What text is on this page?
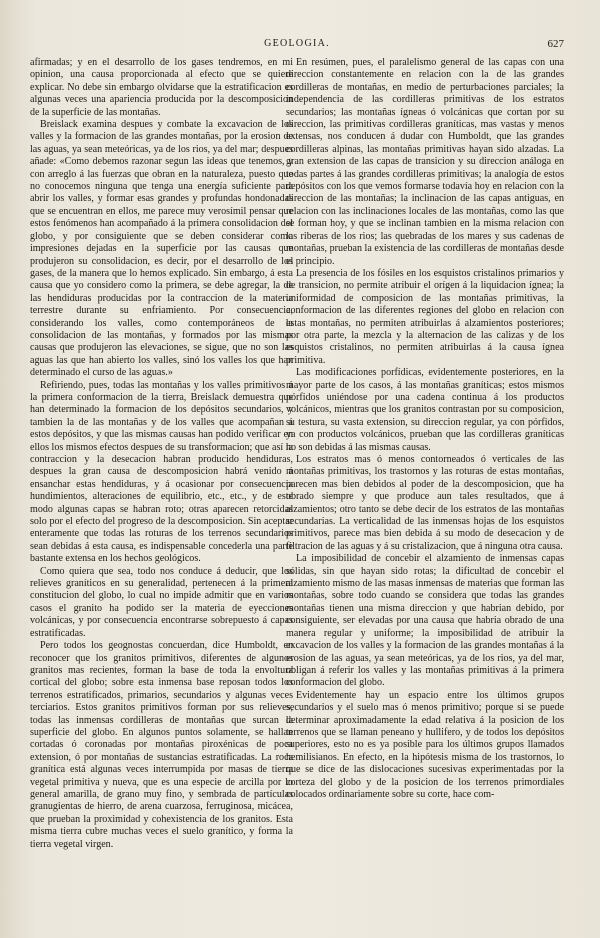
GEOLOGIA.	627

afirmadas; y en el desarrollo de los gases tendremos, en mi opinion, una causa proporcionada al efecto que se quiere explicar. No debe sin embargo olvidarse que la estratificacion es algunas veces una apariencia producida por la descomposicion de la superficie de las montañas.

Breislack examina despues y combate la excavacion de los valles y la formacion de las grandes montañas, por la erosion de las aguas, ya sean meteóricas, ya de los rios, ya del mar; despues añade: «Como debemos razonar segun las ideas que tenemos, y con arreglo á las fuerzas que obran en la naturaleza, puesto que no conocemos ninguna que tenga una energía suficiente para abrir los valles, y formar esas grandes y profundas hondonadas que se encuentran en ellos, me parece muy verosímil pensar que estos fenómenos han acompañado á la primera consolidacion del globo, y por consiguiente que se deben considerar como impresiones dejadas en la superficie por las causas que produjeron su consolidacion, es decir, por el desarrollo de los gases, de la manera que lo hemos explicado. Sin embargo, á esta causa que yo considero como la primera, se debe agregar, la de las hendiduras producidas por la contraccion de la materia terrestre durante su enfriamiento. Por consecuencia, considerando los valles, como contemporáneos de la consolidacion de las montañas, y formados por las mismas causas que produjeron las elevaciones, se sigue, que no son las aguas las que han abierto los valles, sinó los valles los que han determinado el curso de las aguas.»

Refiriendo, pues, todas las montañas y los valles primitivos á la primera conformacion de la tierra, Breislack demuestra que han determinado la formacion de los depósitos secundarios, y tambien la de las montañas y de los valles que acompañan á estos depósitos, y que las mismas causas han podido verificar en ellos los mismos efectos despues de su transformacion; que así la contraccion y la desecacion habran producido hendiduras, despues la gran causa de descomposicion habrá venido á ensanchar estas hendiduras, y á ocasionar por consecuencia hundimientos, alteraciones de equilibrio, etc., etc., y de este modo algunas capas se habran roto; otras aparecen retorcidas solo por el efecto del progreso de la descomposicion. Sin aceptar enteramente que todas las roturas de los terrenos secundarios sean debidas á esta causa, es indispensable concederla una parte bastante extensa en los hechos geológicos.

Como quiera que sea, todo nos conduce á deducir, que los relieves graníticos en su generalidad, pertenecen á la primera constitucion del globo, lo cual no impide admitir que en varios casos el granito ha podido ser la materia de eyecciones volcánicas, y por consecuencia encontrarse sobrepuesto á capas estratificadas.

Pero todos los geognostas concuerdan, dice Humboldt, en reconocer que los granitos primitivos, diferentes de algunos granitos mas recientes, forman la base de toda la envoltura cortical del globo; sobre esta inmensa base reposan todos los terrenos estratificados, primarios, secundarios y algunas veces terciarios. Estos granitos primitivos forman por sus relieves, todas las inmensas cordilleras de montañas que surcan la superficie del globo. En algunos puntos solamente, se hallan cortadas ó coronadas por montañas piroxénicas de poca extension, ó por montañas de sustancias estratificadas. La roca granítica está algunas veces interrumpida por masas de tierra vegetal primitiva y nueva, que es una especie de arcilla por lo general amarilla, de grano muy fino, y sembrada de partículas granugientas de hierro, de arena cuarzosa, ferruginosa, micácea, que prueban la proximidad y cohexistencia de los granitos. Esta misma tierra cubre muchas veces el suelo granítico, y forma la tierra vegetal virgen.

En resúmen, pues, el paralelismo general de las capas con una direccion constantemente en relacion con la de las grandes cordilleras de montañas, en medio de perturbaciones parciales; la independencia de las cordilleras primitivas de los estratos secundarios; las montañas ígneas ó volcánicas que cortan por su direccion, las primitivas cordilleras graníticas, mas vastas y menos extensas, nos conducen á dudar con Humboldt, que las grandes cordilleras alpinas, las montañas primitivas hayan sido alzadas. La gran extension de las capas de transicion y su direccion análoga en todas partes á las grandes cordilleras primitivas; la analogía de estos depósitos con los que vemos formarse todavía hoy en relacion con la direccion de las montañas; la inclinacion de las capas antiguas, en relacion con las inclinaciones locales de las montañas, como las que se forman hoy, y que se inclinan tambien en la misma relacion con las riberas de los rios; las quebradas de los mares y sus cadenas de montañas, prueban la existencia de las cordilleras de montañas desde el principio.

La presencia de los fósiles en los esquistos cristalinos primarios y de transicion, no permite atribuir el orígen á la liquidacion ígnea; la uniformidad de composicion de las montañas primitivas, la conformacion de las diferentes regiones del globo en relacion con estas montañas, no permiten atribuirlas á alzamientos posteriores; por otra parte, la mezcla y la alternacion de las calizas y de los esquistos cristalinos, no permiten atribuirlas á la causa ígnea primitiva.

Las modificaciones porfídicas, evidentemente posteriores, en la mayor parte de los casos, á las montañas graníticas; estos mismos pórfidos uniéndose por una cadena continua á los productos volcánicos, mientras que los granitos contrastan por su composicion, su testura, su vasta extension, su direccion regular, ya con pórfidos, ya con productos volcánicos, prueban que las cordilleras graníticas no son debidas á las mismas causas.

Los estratos mas ó menos contorneados ó verticales de las montañas primitivas, los trastornos y las roturas de estas montañas, parecen mas bien debidos al poder de la descomposicion, que ha obrado siempre y que produce aun tales resultados, que á alzamientos; otro tanto se debe decir de los estratos de las montañas secundarias. La verticalidad de las inmensas hojas de los esquistos primitivos, parece mas bien debida á su modo de desecacion y de filtracion de las aguas y á su cristalizacion, que á ninguna otra causa.

La imposibilidad de concebir el alzamiento de inmensas capas sólidas, sin que hayan sido rotas; la dificultad de concebir el alzamiento mismo de las masas inmensas de materias que forman las montañas, sobre todo cuando se considera que todas las grandes montañas tienen una misma direccion y que habrian debido, por consiguiente, ser elevadas por una causa que habria obrado de una manera regular y uniforme; la imposibilidad de atribuir la excavacion de los valles y la formacion de las grandes montañas á la erosion de las aguas, ya sean meteóricas, ya de los rios, ya del mar, obligan á referir los valles y las montañas primitivas á la primera conformacion del globo.

Evidentemente hay un espacio entre los últimos grupos secundarios y el suelo mas ó menos primitivo; porque si se puede determinar aproximadamente la edad relativa á la posicion de los terrenos que se llaman peneano y hullifero, y de todos los depósitos superiores, esto no es ya posible para los últimos grupos llamados hemilisianos. En efecto, en la hipótesis misma de los trastornos, lo que se dice de las dislocaciones sucesivas experimentadas por la corteza del globo y de la posicion de los terrenos primordiales colocados ordinariamente sobre su corte, hace com-
